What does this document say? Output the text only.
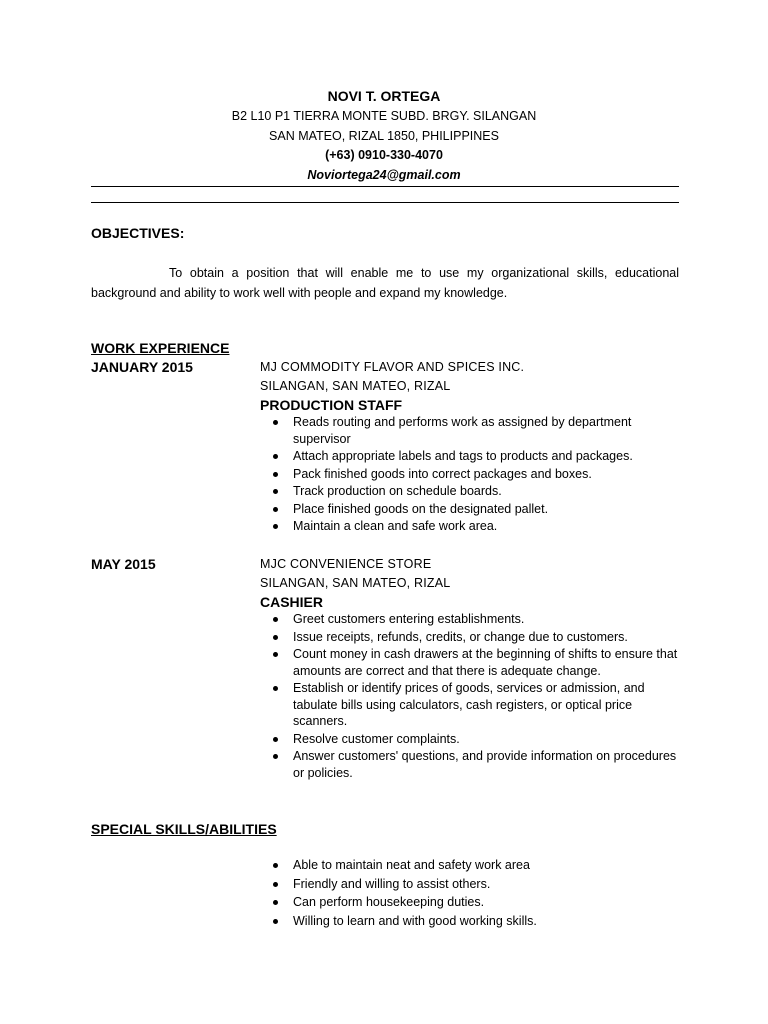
NOVI T. ORTEGA
B2 L10 P1 TIERRA MONTE SUBD. BRGY. SILANGAN
SAN MATEO, RIZAL 1850, PHILIPPINES
(+63) 0910-330-4070
Noviortega24@gmail.com
OBJECTIVES:
To obtain a position that will enable me to use my organizational skills, educational background and ability to work well with people and expand my knowledge.
WORK EXPERIENCE
JANUARY 2015	MJ COMMODITY FLAVOR AND SPICES INC.
SILANGAN, SAN MATEO, RIZAL
PRODUCTION STAFF
Reads routing and performs work as assigned by department supervisor
Attach appropriate labels and tags to products and packages.
Pack finished goods into correct packages and boxes.
Track production on schedule boards.
Place finished goods on the designated pallet.
Maintain a clean and safe work area.
MAY 2015	MJC CONVENIENCE STORE
SILANGAN, SAN MATEO, RIZAL
CASHIER
Greet customers entering establishments.
Issue receipts, refunds, credits, or change due to customers.
Count money in cash drawers at the beginning of shifts to ensure that amounts are correct and that there is adequate change.
Establish or identify prices of goods, services or admission, and tabulate bills using calculators, cash registers, or optical price scanners.
Resolve customer complaints.
Answer customers' questions, and provide information on procedures or policies.
SPECIAL SKILLS/ABILITIES
Able to maintain neat and safety work area
Friendly and willing to assist others.
Can perform housekeeping duties.
Willing to learn and with good working skills.
